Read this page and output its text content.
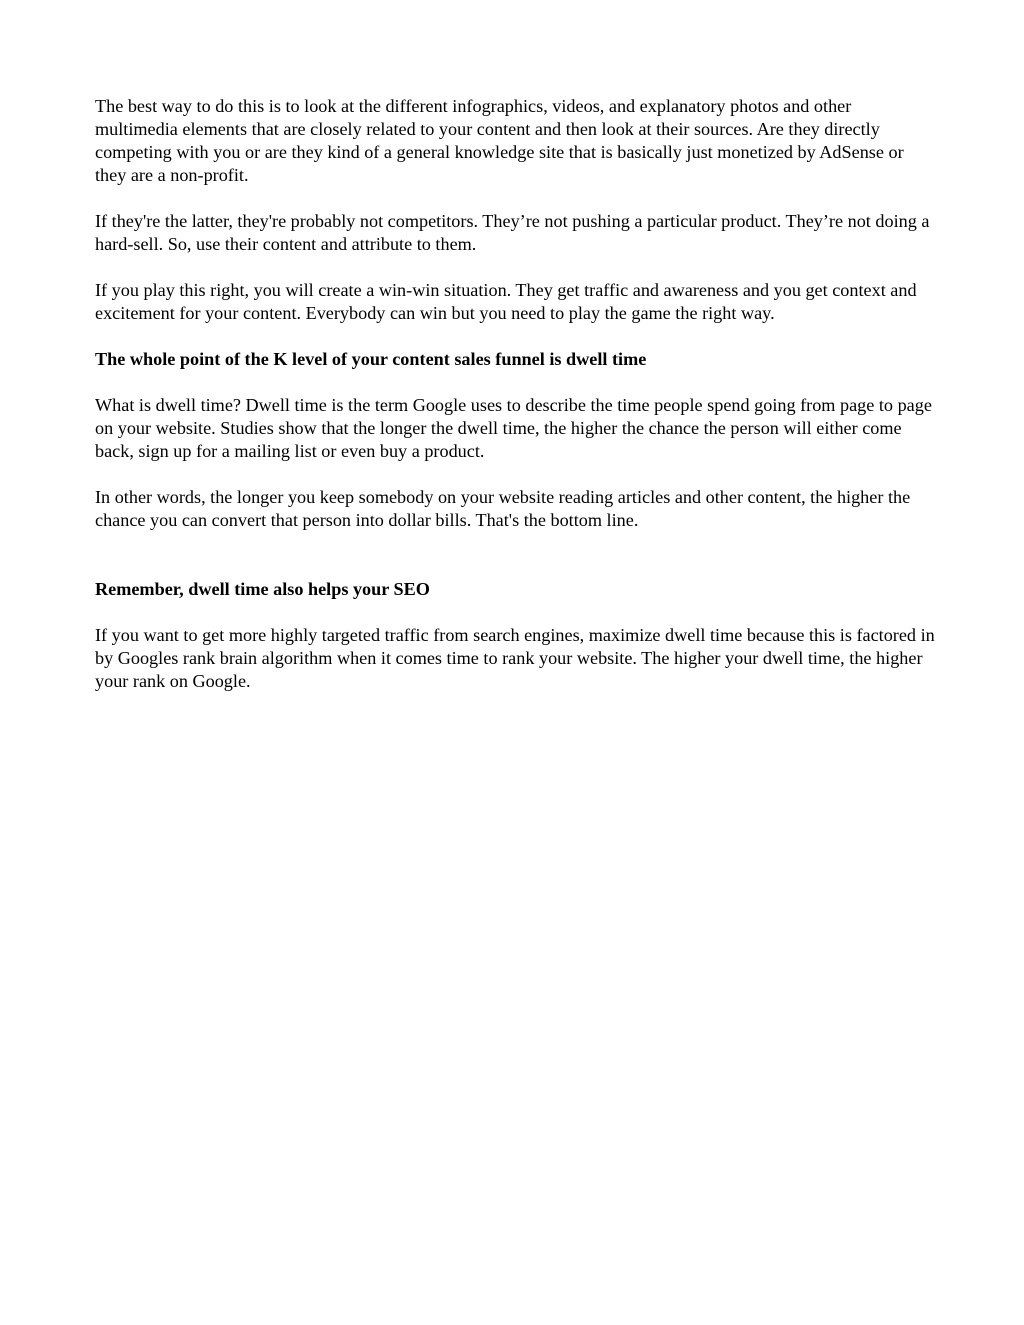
The best way to do this is to look at the different infographics, videos, and explanatory photos and other multimedia elements that are closely related to your content and then look at their sources. Are they directly competing with you or are they kind of a general knowledge site that is basically just monetized by AdSense or they are a non-profit.

If they're the latter, they're probably not competitors. They’re not pushing a particular product. They’re not doing a hard-sell. So, use their content and attribute to them.

If you play this right, you will create a win-win situation. They get traffic and awareness and you get context and excitement for your content. Everybody can win but you need to play the game the right way.

The whole point of the K level of your content sales funnel is dwell time

What is dwell time? Dwell time is the term Google uses to describe the time people spend going from page to page on your website. Studies show that the longer the dwell time, the higher the chance the person will either come back, sign up for a mailing list or even buy a product.

In other words, the longer you keep somebody on your website reading articles and other content, the higher the chance you can convert that person into dollar bills. That's the bottom line.

Remember, dwell time also helps your SEO

If you want to get more highly targeted traffic from search engines, maximize dwell time because this is factored in by Googles rank brain algorithm when it comes time to rank your website. The higher your dwell time, the higher your rank on Google.
